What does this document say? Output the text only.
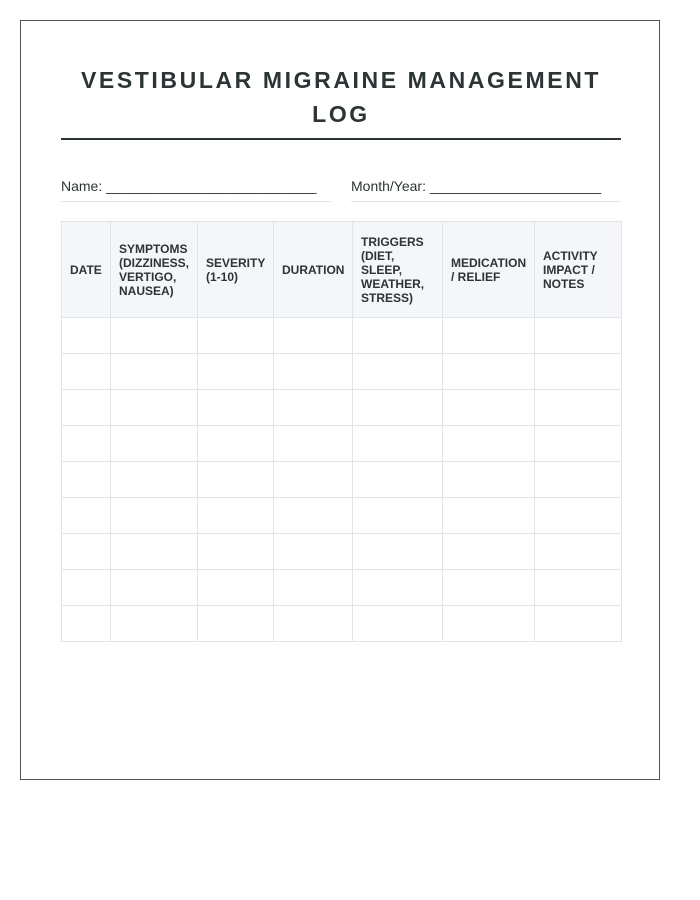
VESTIBULAR MIGRAINE MANAGEMENT LOG
Name: ___________________________	Month/Year: ______________________
DATE	SYMPTOMS (DIZZINESS, VERTIGO, NAUSEA)	SEVERITY (1-10)	DURATION	TRIGGERS (DIET, SLEEP, WEATHER, STRESS)	MEDICATION / RELIEF	ACTIVITY IMPACT / NOTES
